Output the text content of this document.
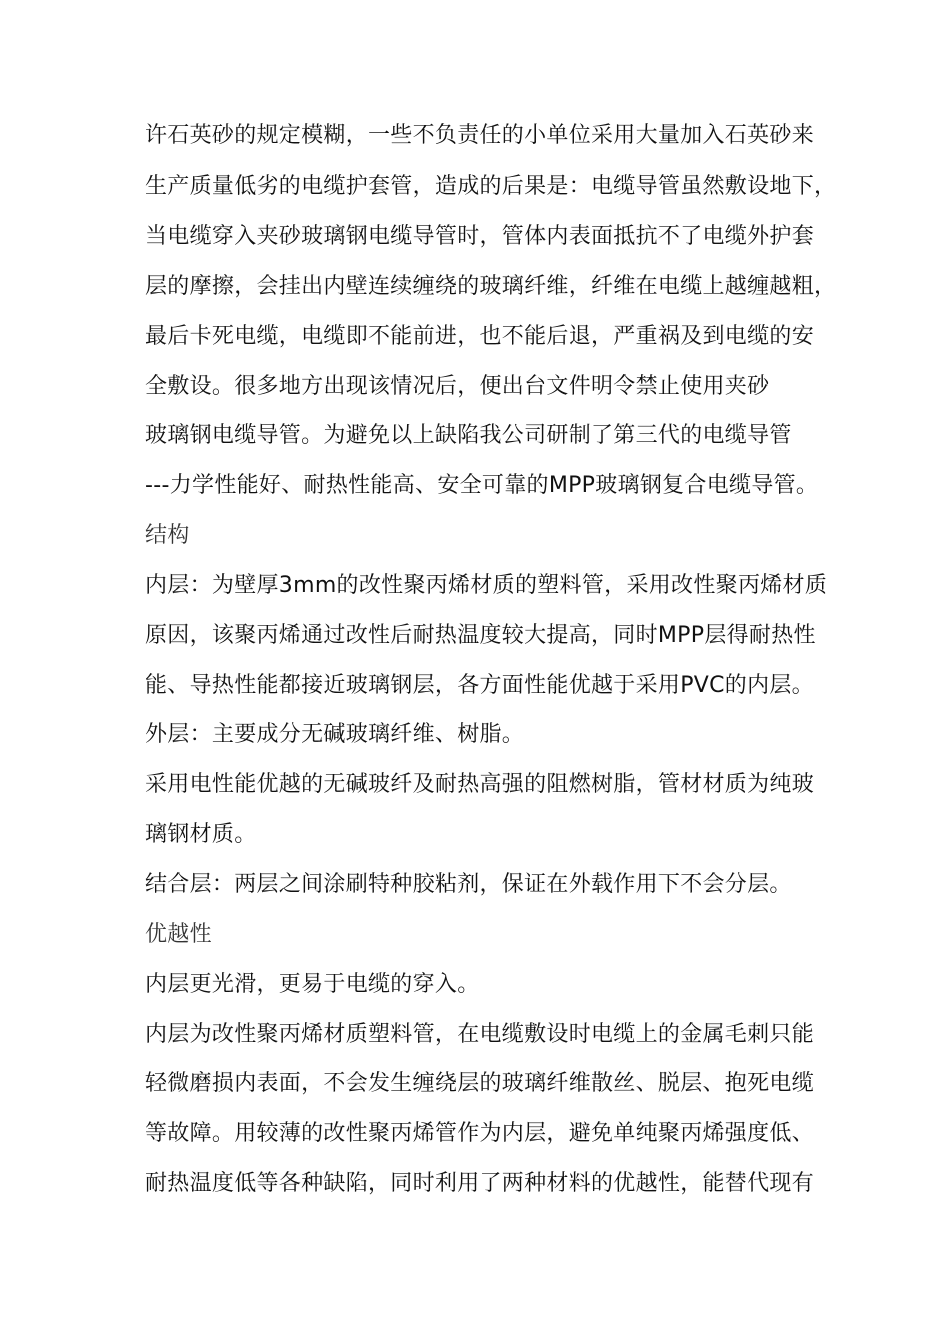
许石英砂的规定模糊，一些不负责任的小单位采用大量加入石英砂来
生产质量低劣的电缆护套管，造成的后果是：电缆导管虽然敷设地下，
当电缆穿入夹砂玻璃钢电缆导管时，管体内表面抵抗不了电缆外护套
层的摩擦，会挂出内壁连续缠绕的玻璃纤维，纤维在电缆上越缠越粗，
最后卡死电缆，电缆即不能前进，也不能后退，严重祸及到电缆的安
全敷设。很多地方出现该情况后，便出台文件明令禁止使用夹砂
玻璃钢电缆导管。为避免以上缺陷我公司研制了第三代的电缆导管
---力学性能好、耐热性能高、安全可靠的MPP玻璃钢复合电缆导管。
结构
内层：为壁厚3mm的改性聚丙烯材质的塑料管，采用改性聚丙烯材质
原因，该聚丙烯通过改性后耐热温度较大提高，同时MPP层得耐热性
能、导热性能都接近玻璃钢层，各方面性能优越于采用PVC的内层。
外层：主要成分无碱玻璃纤维、树脂。
采用电性能优越的无碱玻纤及耐热高强的阻燃树脂，管材材质为纯玻
璃钢材质。
结合层：两层之间涂刷特种胶粘剂，保证在外载作用下不会分层。
优越性
内层更光滑，更易于电缆的穿入。
内层为改性聚丙烯材质塑料管，在电缆敷设时电缆上的金属毛刺只能
轻微磨损内表面，不会发生缠绕层的玻璃纤维散丝、脱层、抱死电缆
等故障。用较薄的改性聚丙烯管作为内层，避免单纯聚丙烯强度低、
耐热温度低等各种缺陷，同时利用了两种材料的优越性，能替代现有
